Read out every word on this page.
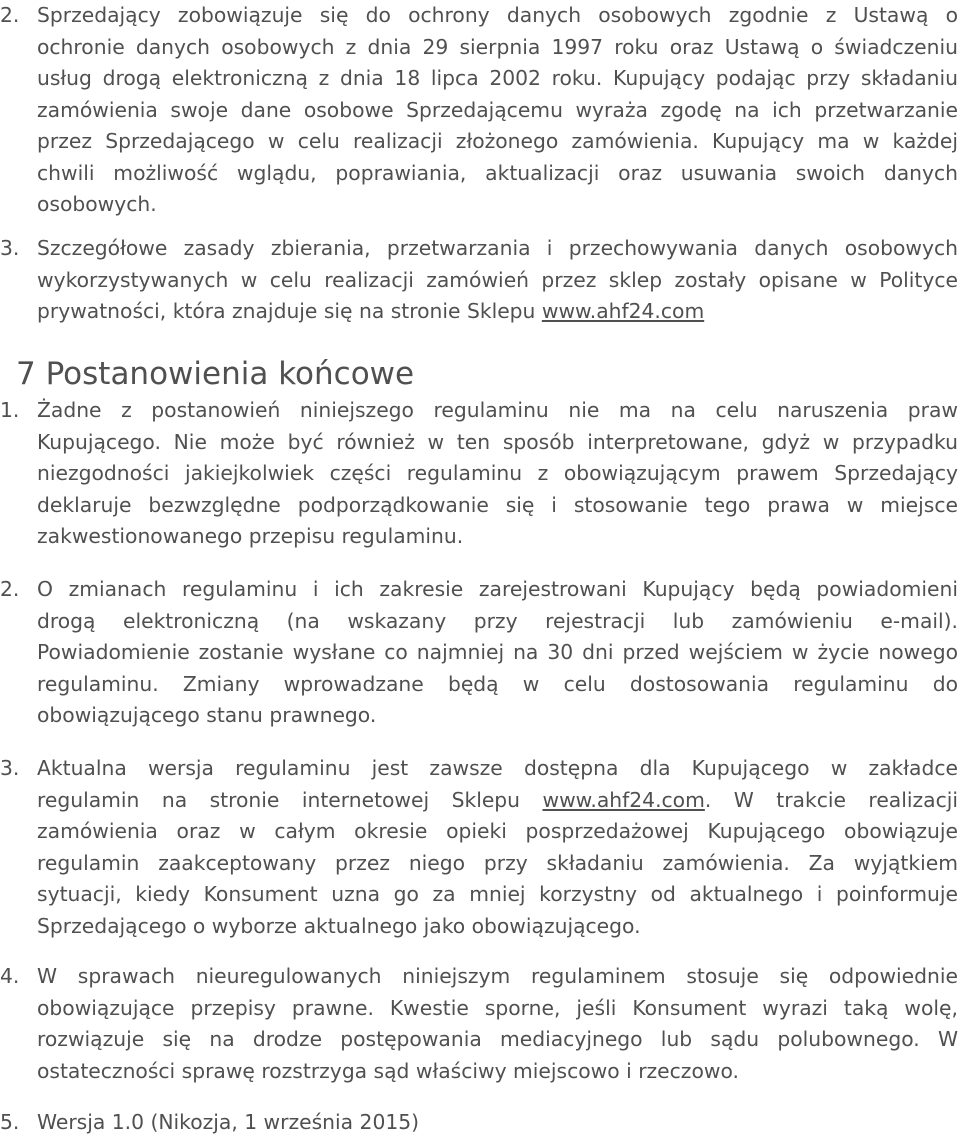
2. Sprzedający zobowiązuje się do ochrony danych osobowych zgodnie z Ustawą o
ochronie danych osobowych z dnia 29 sierpnia 1997 roku oraz Ustawą o świadczeniu
usług drogą elektroniczną z dnia 18 lipca 2002 roku. Kupujący podając przy składaniu
zamówienia swoje dane osobowe Sprzedającemu wyraża zgodę na ich przetwarzanie
przez Sprzedającego w celu realizacji złożonego zamówienia. Kupujący ma w każdej
chwili możliwość wglądu, poprawiania, aktualizacji oraz usuwania swoich danych
osobowych.
3. Szczegółowe zasady zbierania, przetwarzania i przechowywania danych osobowych
wykorzystywanych w celu realizacji zamówień przez sklep zostały opisane w Polityce
prywatności, która znajduje się na stronie Sklepu www.ahf24.com
7 Postanowienia końcowe
1. Żadne z postanowień niniejszego regulaminu nie ma na celu naruszenia praw
Kupującego. Nie może być również w ten sposób interpretowane, gdyż w przypadku
niezgodności jakiejkolwiek części regulaminu z obowiązującym prawem Sprzedający
deklaruje bezwzględne podporządkowanie się i stosowanie tego prawa w miejsce
zakwestionowanego przepisu regulaminu.
2. O zmianach regulaminu i ich zakresie zarejestrowani Kupujący będą powiadomieni
drogą elektroniczną (na wskazany przy rejestracji lub zamówieniu e-mail).
Powiadomienie zostanie wysłane co najmniej na 30 dni przed wejściem w życie nowego
regulaminu. Zmiany wprowadzane będą w celu dostosowania regulaminu do
obowiązującego stanu prawnego.
3. Aktualna wersja regulaminu jest zawsze dostępna dla Kupującego w zakładce
regulamin na stronie internetowej Sklepu www.ahf24.com. W trakcie realizacji
zamówienia oraz w całym okresie opieki posprzedażowej Kupującego obowiązuje
regulamin zaakceptowany przez niego przy składaniu zamówienia. Za wyjątkiem
sytuacji, kiedy Konsument uzna go za mniej korzystny od aktualnego i poinformuje
Sprzedającego o wyborze aktualnego jako obowiązującego.
4. W sprawach nieuregulowanych niniejszym regulaminem stosuje się odpowiednie
obowiązujące przepisy prawne. Kwestie sporne, jeśli Konsument wyrazi taką wolę,
rozwiązuje się na drodze postępowania mediacyjnego lub sądu polubownego. W
ostateczności sprawę rozstrzyga sąd właściwy miejscowo i rzeczowo.
5. Wersja 1.0 (Nikozja, 1 września 2015)
